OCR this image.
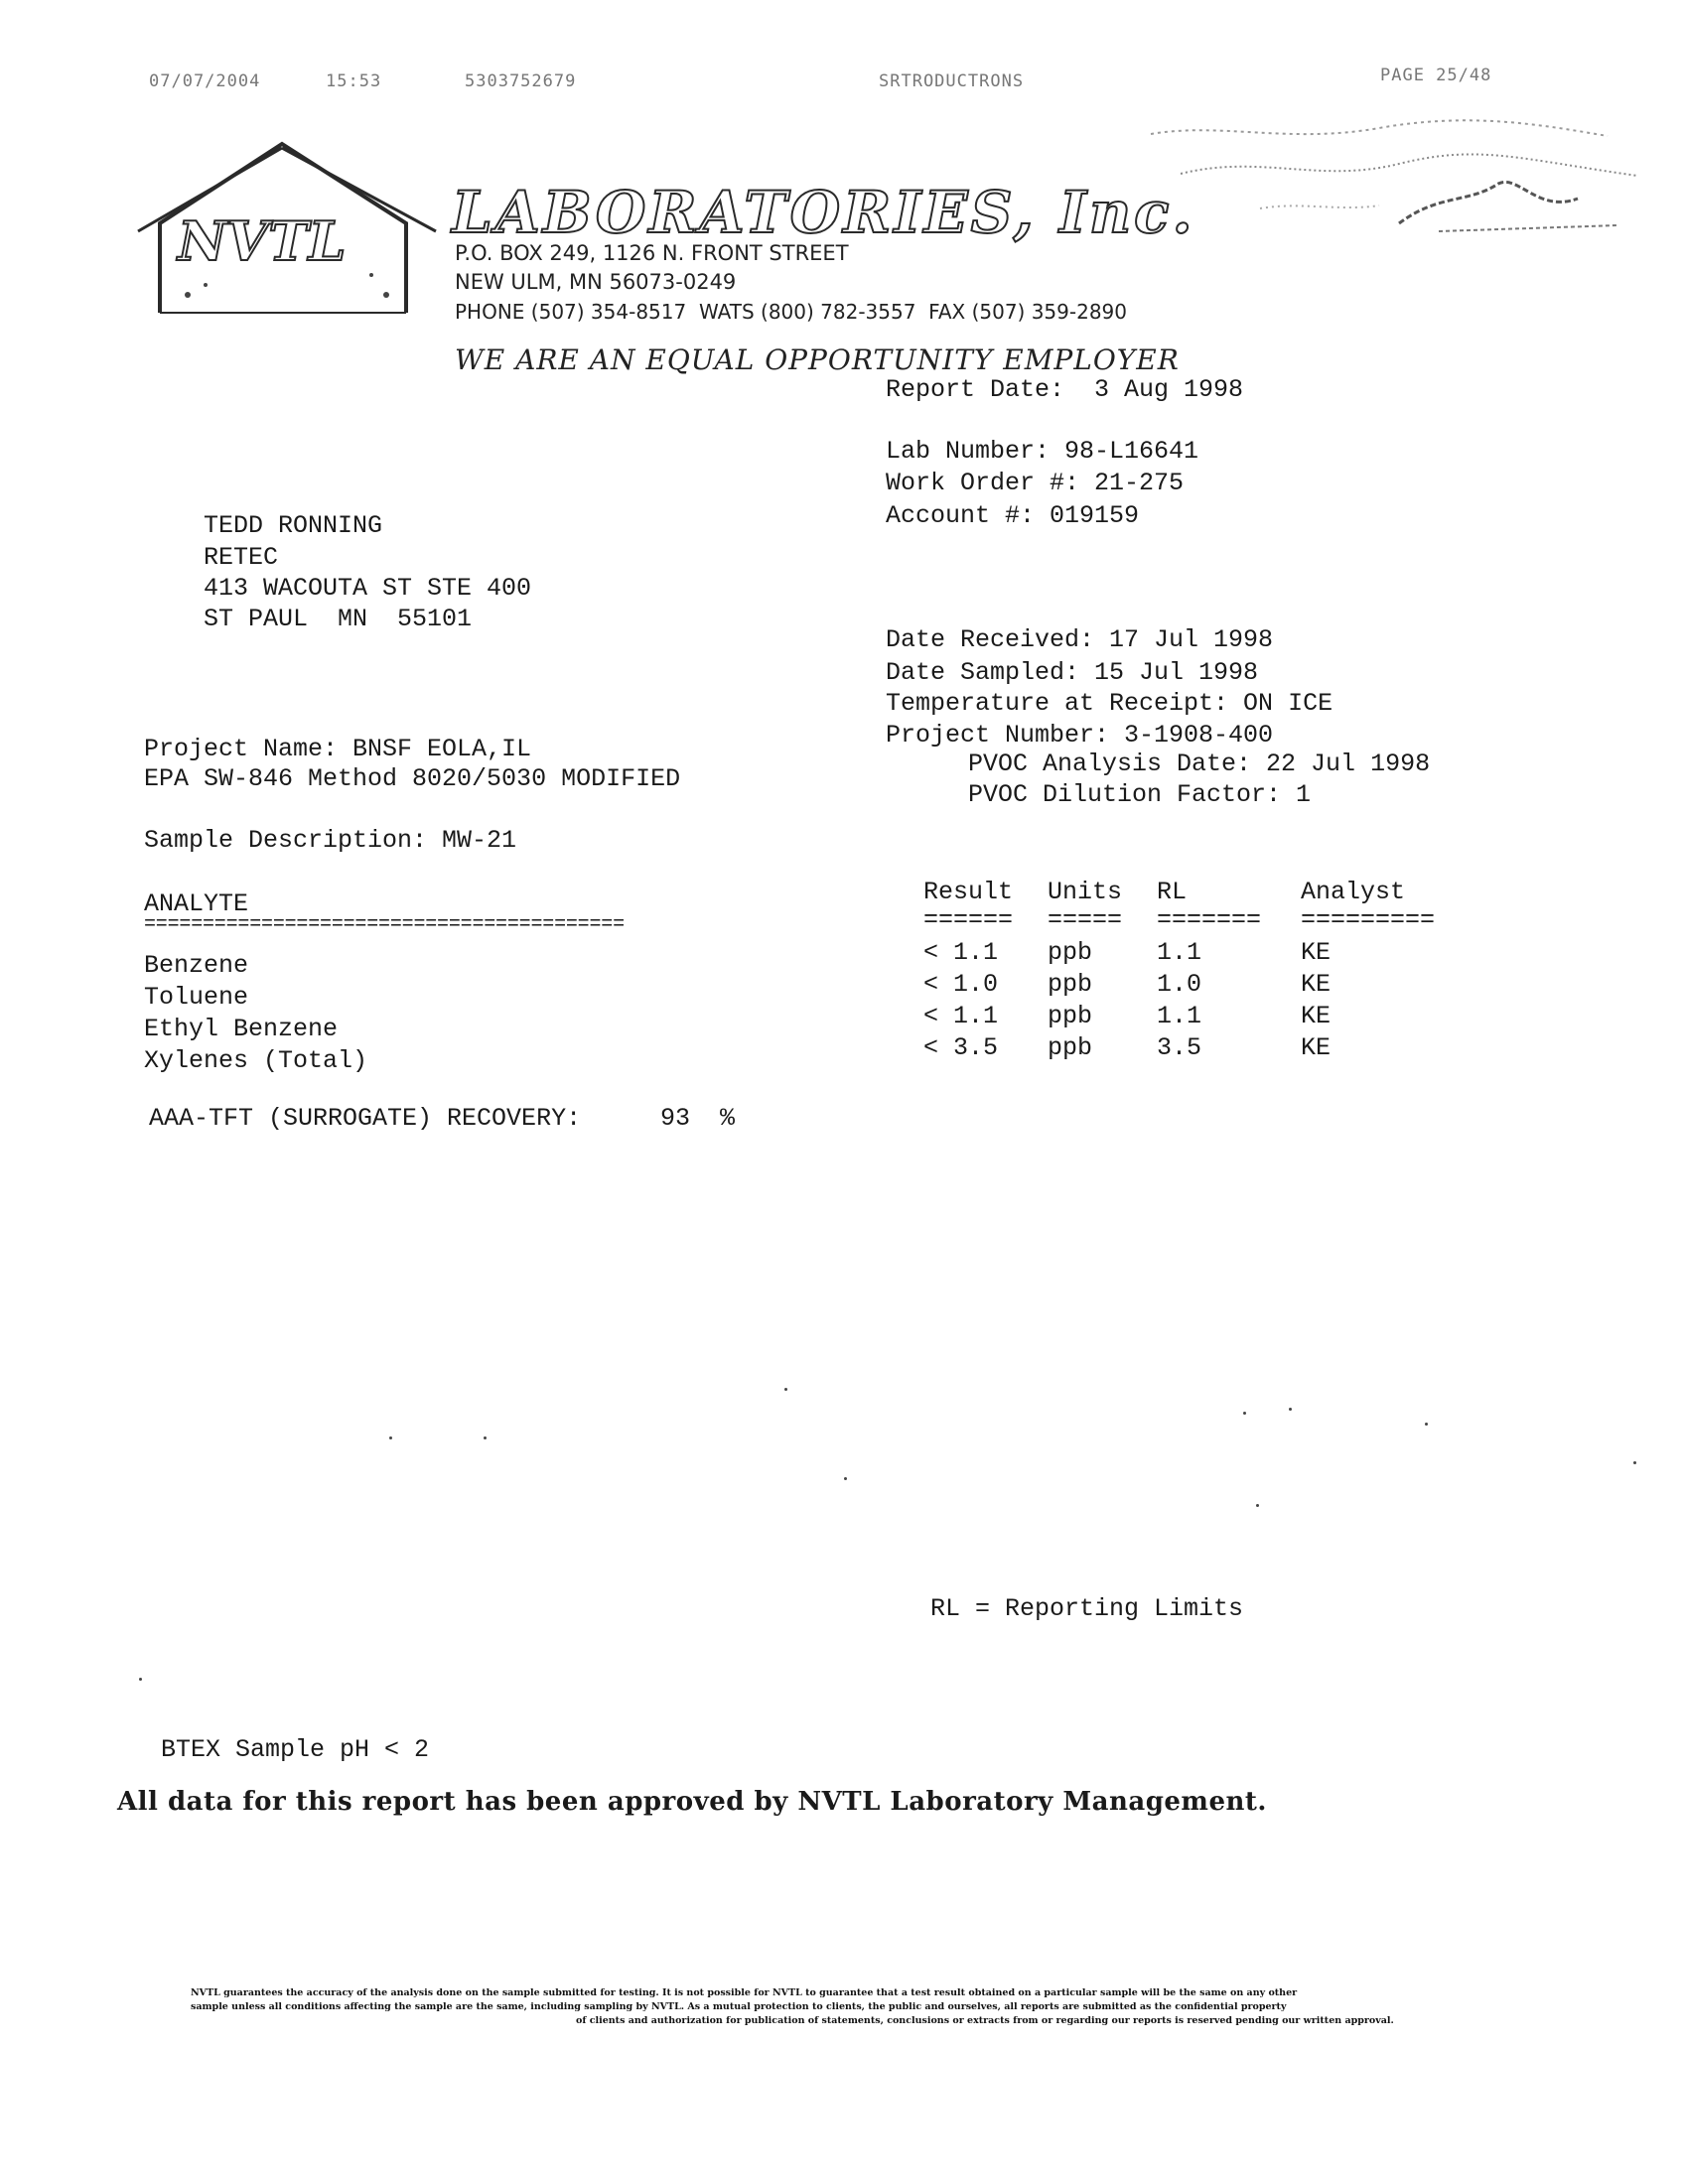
07/07/2004	15:53	5303752679	SRTRODUCTRONS	PAGE 25/48

NVTL LABORATORIES, Inc.
P.O. BOX 249, 1126 N. FRONT STREET
NEW ULM, MN 56073-0249
PHONE (507) 354-8517  WATS (800) 782-3557  FAX (507) 359-2890
WE ARE AN EQUAL OPPORTUNITY EMPLOYER

Report Date:  3 Aug 1998
Lab Number: 98-L16641
Work Order #: 21-275
Account #: 019159
TEDD RONNING
RETEC
413 WACOUTA ST STE 400
ST PAUL  MN  55101
Date Received: 17 Jul 1998
Date Sampled: 15 Jul 1998
Temperature at Receipt: ON ICE
Project Number: 3-1908-400
PVOC Analysis Date: 22 Jul 1998
PVOC Dilution Factor: 1
Project Name: BNSF EOLA,IL
EPA SW-846 Method 8020/5030 MODIFIED
Sample Description: MW-21
ANALYTE	Result Units RL	Analyst
=========================================	====== ===== ======= =========
Benzene	< 1.1 ppb	1.1	KE
Toluene	< 1.0 ppb	1.0	KE
Ethyl Benzene	< 1.1 ppb	1.1	KE
Xylenes (Total)	< 3.5 ppb	3.5	KE
AAA-TFT (SURROGATE) RECOVERY:	93 %
RL = Reporting Limits
BTEX Sample pH < 2
All data for this report has been approved by NVTL Laboratory Management.
NVTL guarantees the accuracy of the analysis done on the sample submitted for testing. It is not possible for NVTL to guarantee that a test result obtained on a particular sample will be the same on any other
sample unless all conditions affecting the sample are the same, including sampling by NVTL. As a mutual protection to clients, the public and ourselves, all reports are submitted as the confidential property
of clients and authorization for publication of statements, conclusions or extracts from or regarding our reports is reserved pending our written approval.
